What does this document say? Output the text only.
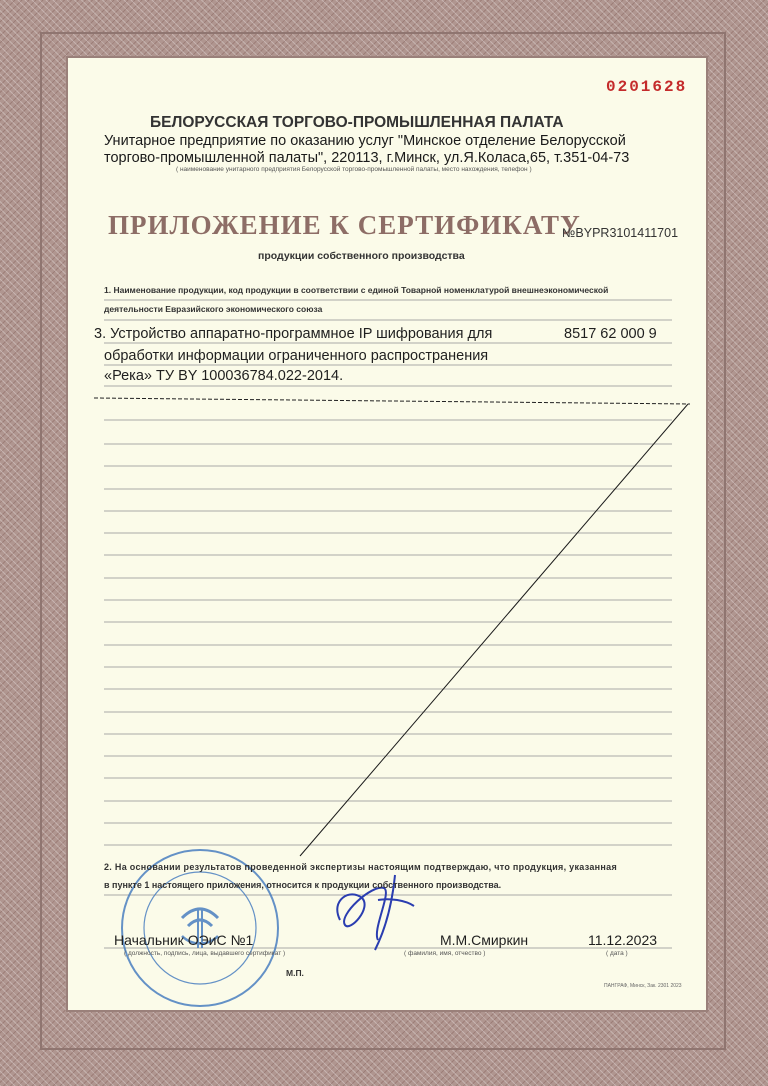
0201628
БЕЛОРУССКАЯ ТОРГОВО-ПРОМЫШЛЕННАЯ ПАЛАТА
Унитарное предприятие по оказанию услуг "Минское отделение Белорусской
торгово-промышленной палаты", 220113, г.Минск, ул.Я.Коласа,65, т.351-04-73
( наименование унитарного предприятия Белорусской торгово-промышленной палаты, место нахождения, телефон )
ПРИЛОЖЕНИЕ К СЕРТИФИКАТУ
№BYPR3101411701
продукции собственного производства
1. Наименование продукции, код продукции в соответствии с единой Товарной номенклатурой внешнеэкономической
деятельности Евразийского экономического союза
3. Устройство аппаратно-программное IP шифрования для
обработки информации ограниченного распространения
«Река» ТУ BY 100036784.022-2014.
8517 62 000 9
2. На основании результатов проведенной экспертизы настоящим подтверждаю, что продукция, указанная
в пункте 1 настоящего приложения, относится к продукции собственного производства.
Начальник ОЭиС №1	М.М.Смиркин	11.12.2023
( должность, подпись, лица, выдавшего сертификат )	( фамилия, имя, отчество )	( дата )
М.П.
ПАНГРАФ, Минск, Зак. 2301 2023
